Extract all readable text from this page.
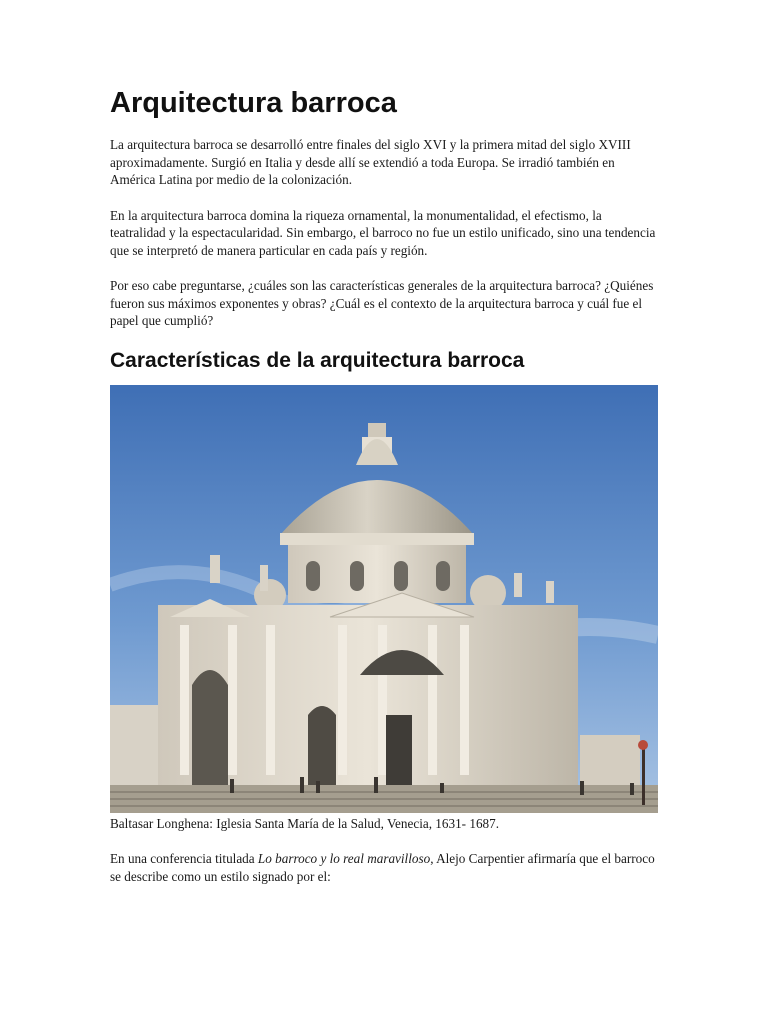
Arquitectura barroca

La arquitectura barroca se desarrolló entre finales del siglo XVI y la primera mitad del siglo XVIII aproximadamente. Surgió en Italia y desde allí se extendió a toda Europa. Se irradió también en América Latina por medio de la colonización.

En la arquitectura barroca domina la riqueza ornamental, la monumentalidad, el efectismo, la teatralidad y la espectacularidad. Sin embargo, el barroco no fue un estilo unificado, sino una tendencia que se interpretó de manera particular en cada país y región.

Por eso cabe preguntarse, ¿cuáles son las características generales de la arquitectura barroca? ¿Quiénes fueron sus máximos exponentes y obras? ¿Cuál es el contexto de la arquitectura barroca y cuál fue el papel que cumplió?

Características de la arquitectura barroca

Baltasar Longhena: Iglesia Santa María de la Salud, Venecia, 1631- 1687.

En una conferencia titulada Lo barroco y lo real maravilloso, Alejo Carpentier afirmaría que el barroco se describe como un estilo signado por el:
